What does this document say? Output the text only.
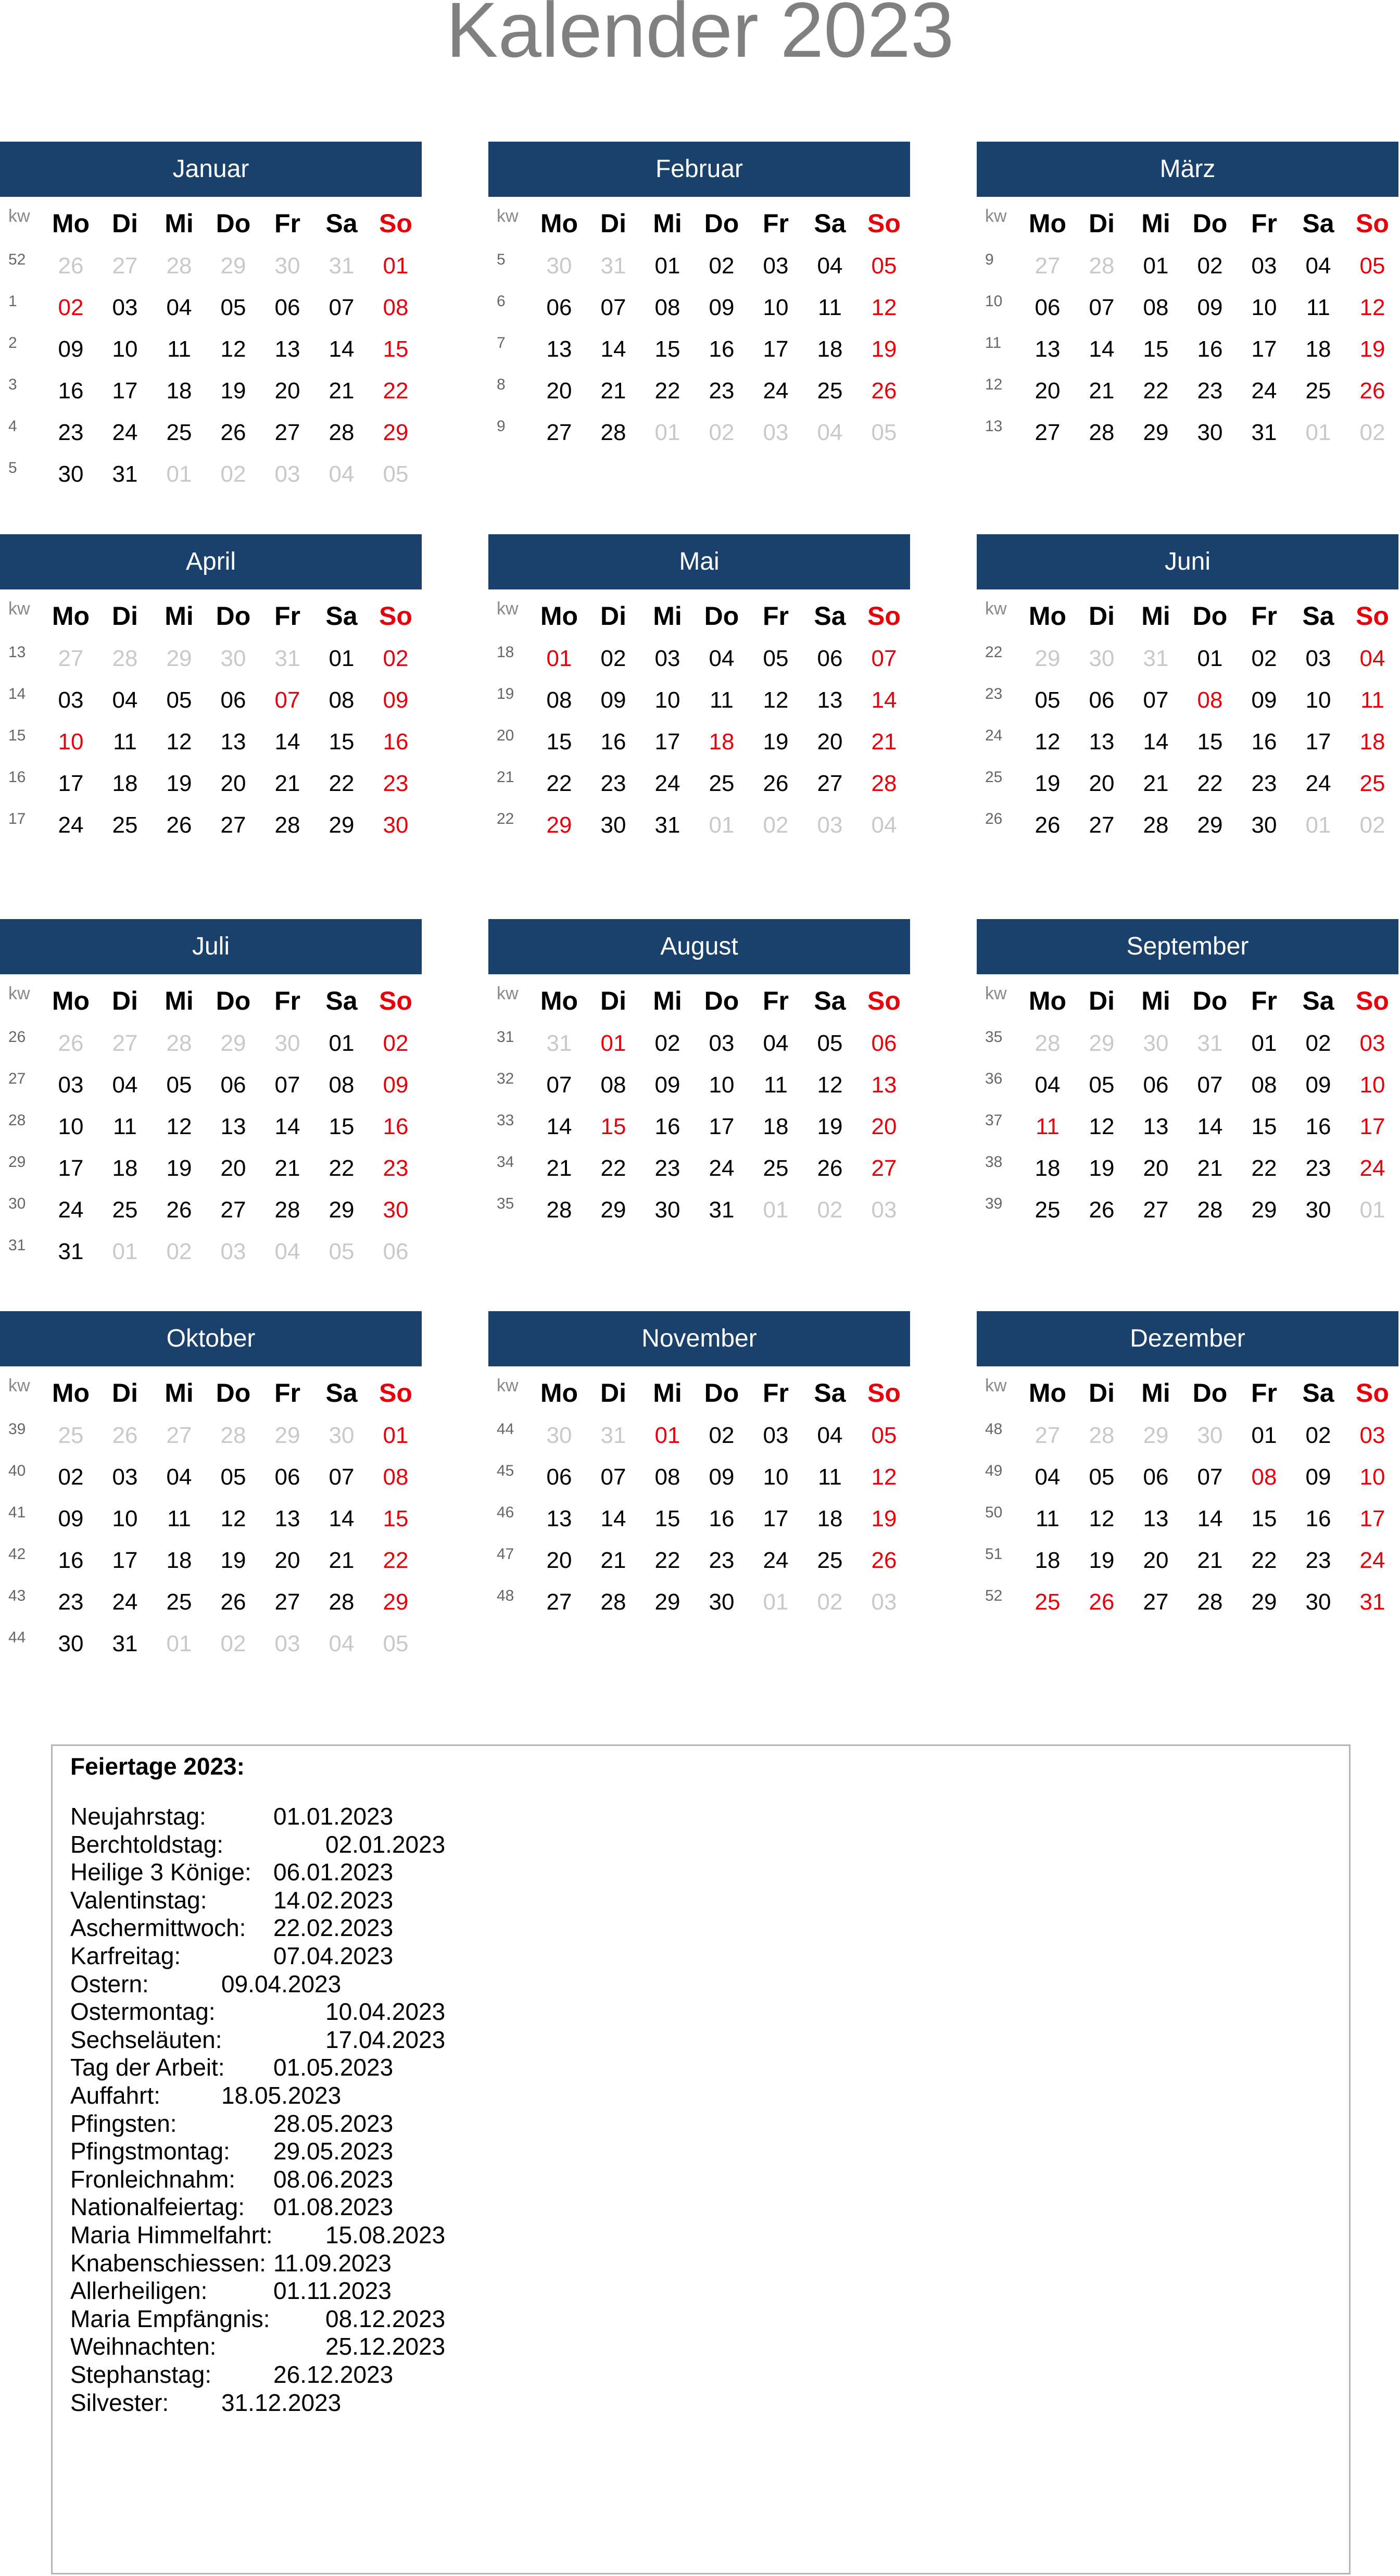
Kalender 2023
Januar
kw Mo Di	Mi Do Fr Sa So
52	26	27	28	29	30	31	01
1	02	03	04	05	06	07	08
2	09	10	11	12	13	14	15
3	16	17	18	19	20	21	22
4	23	24	25	26	27	28	29
5	30	31	01	02	03	04	05
Februar
kw Mo Di	Mi Do Fr Sa So
5	30	31	01	02	03	04	05
6	06	07	08	09	10	11	12
7	13	14	15	16	17	18	19
8	20	21	22	23	24	25	26
9	27	28	01	02	03	04	05
März
kw Mo Di	Mi Do Fr Sa So
9	27	28	01	02	03	04	05
10	06	07	08	09	10	11	12
11	13	14	15	16	17	18	19
12	20	21	22	23	24	25	26
13	27	28	29	30	31	01	02
April
kw Mo Di	Mi Do Fr Sa So
13	27	28	29	30	31	01	02
14	03	04	05	06	07	08	09
15	10	11	12	13	14	15	16
16	17	18	19	20	21	22	23
17	24	25	26	27	28	29	30
Mai
kw Mo Di	Mi Do Fr Sa So
18	01	02	03	04	05	06	07
19	08	09	10	11	12	13	14
20	15	16	17	18	19	20	21
21	22	23	24	25	26	27	28
22	29	30	31	01	02	03	04
Juni
kw Mo Di	Mi Do Fr Sa So
22	29	30	31	01	02	03	04
23	05	06	07	08	09	10	11
24	12	13	14	15	16	17	18
25	19	20	21	22	23	24	25
26	26	27	28	29	30	01	02
Juli
kw Mo Di	Mi Do Fr Sa So
26	26	27	28	29	30	01	02
27	03	04	05	06	07	08	09
28	10	11	12	13	14	15	16
29	17	18	19	20	21	22	23
30	24	25	26	27	28	29	30
31	31	01	02	03	04	05	06
August
kw Mo Di	Mi Do Fr Sa So
31	31	01	02	03	04	05	06
32	07	08	09	10	11	12	13
33	14	15	16	17	18	19	20
34	21	22	23	24	25	26	27
35	28	29	30	31	01	02	03
September
kw Mo Di	Mi Do Fr Sa So
35	28	29	30	31	01	02	03
36	04	05	06	07	08	09	10
37	11	12	13	14	15	16	17
38	18	19	20	21	22	23	24
39	25	26	27	28	29	30	01
Oktober
kw Mo Di	Mi Do Fr Sa So
39	25	26	27	28	29	30	01
40	02	03	04	05	06	07	08
41	09	10	11	12	13	14	15
42	16	17	18	19	20	21	22
43	23	24	25	26	27	28	29
44	30	31	01	02	03	04	05
November
kw Mo Di	Mi Do Fr Sa So
44	30	31	01	02	03	04	05
45	06	07	08	09	10	11	12
46	13	14	15	16	17	18	19
47	20	21	22	23	24	25	26
48	27	28	29	30	01	02	03
Dezember
kw Mo Di	Mi Do Fr Sa So
48	27	28	29	30	01	02	03
49	04	05	06	07	08	09	10
50	11	12	13	14	15	16	17
51	18	19	20	21	22	23	24
52	25	26	27	28	29	30	31
Feiertage 2023:
Neujahrstag:	01.01.2023
Berchtoldstag:	02.01.2023
Heilige 3 Könige: 06.01.2023
Valentinstag:	14.02.2023
Aschermittwoch: 22.02.2023
Karfreitag:	07.04.2023
Ostern:	09.04.2023
Ostermontag:	10.04.2023
Sechseläuten:	17.04.2023
Tag der Arbeit: 01.05.2023
Auffahrt:	18.05.2023
Pfingsten:	28.05.2023
Pfingstmontag: 29.05.2023
Fronleichnahm: 08.06.2023
Nationalfeiertag: 01.08.2023
Maria Himmelfahrt: 15.08.2023
Knabenschiessen: 11.09.2023
Allerheiligen:	01.11.2023
Maria Empfängnis: 08.12.2023
Weihnachten:	25.12.2023
Stephanstag:	26.12.2023
Silvester: 31.12.2023
